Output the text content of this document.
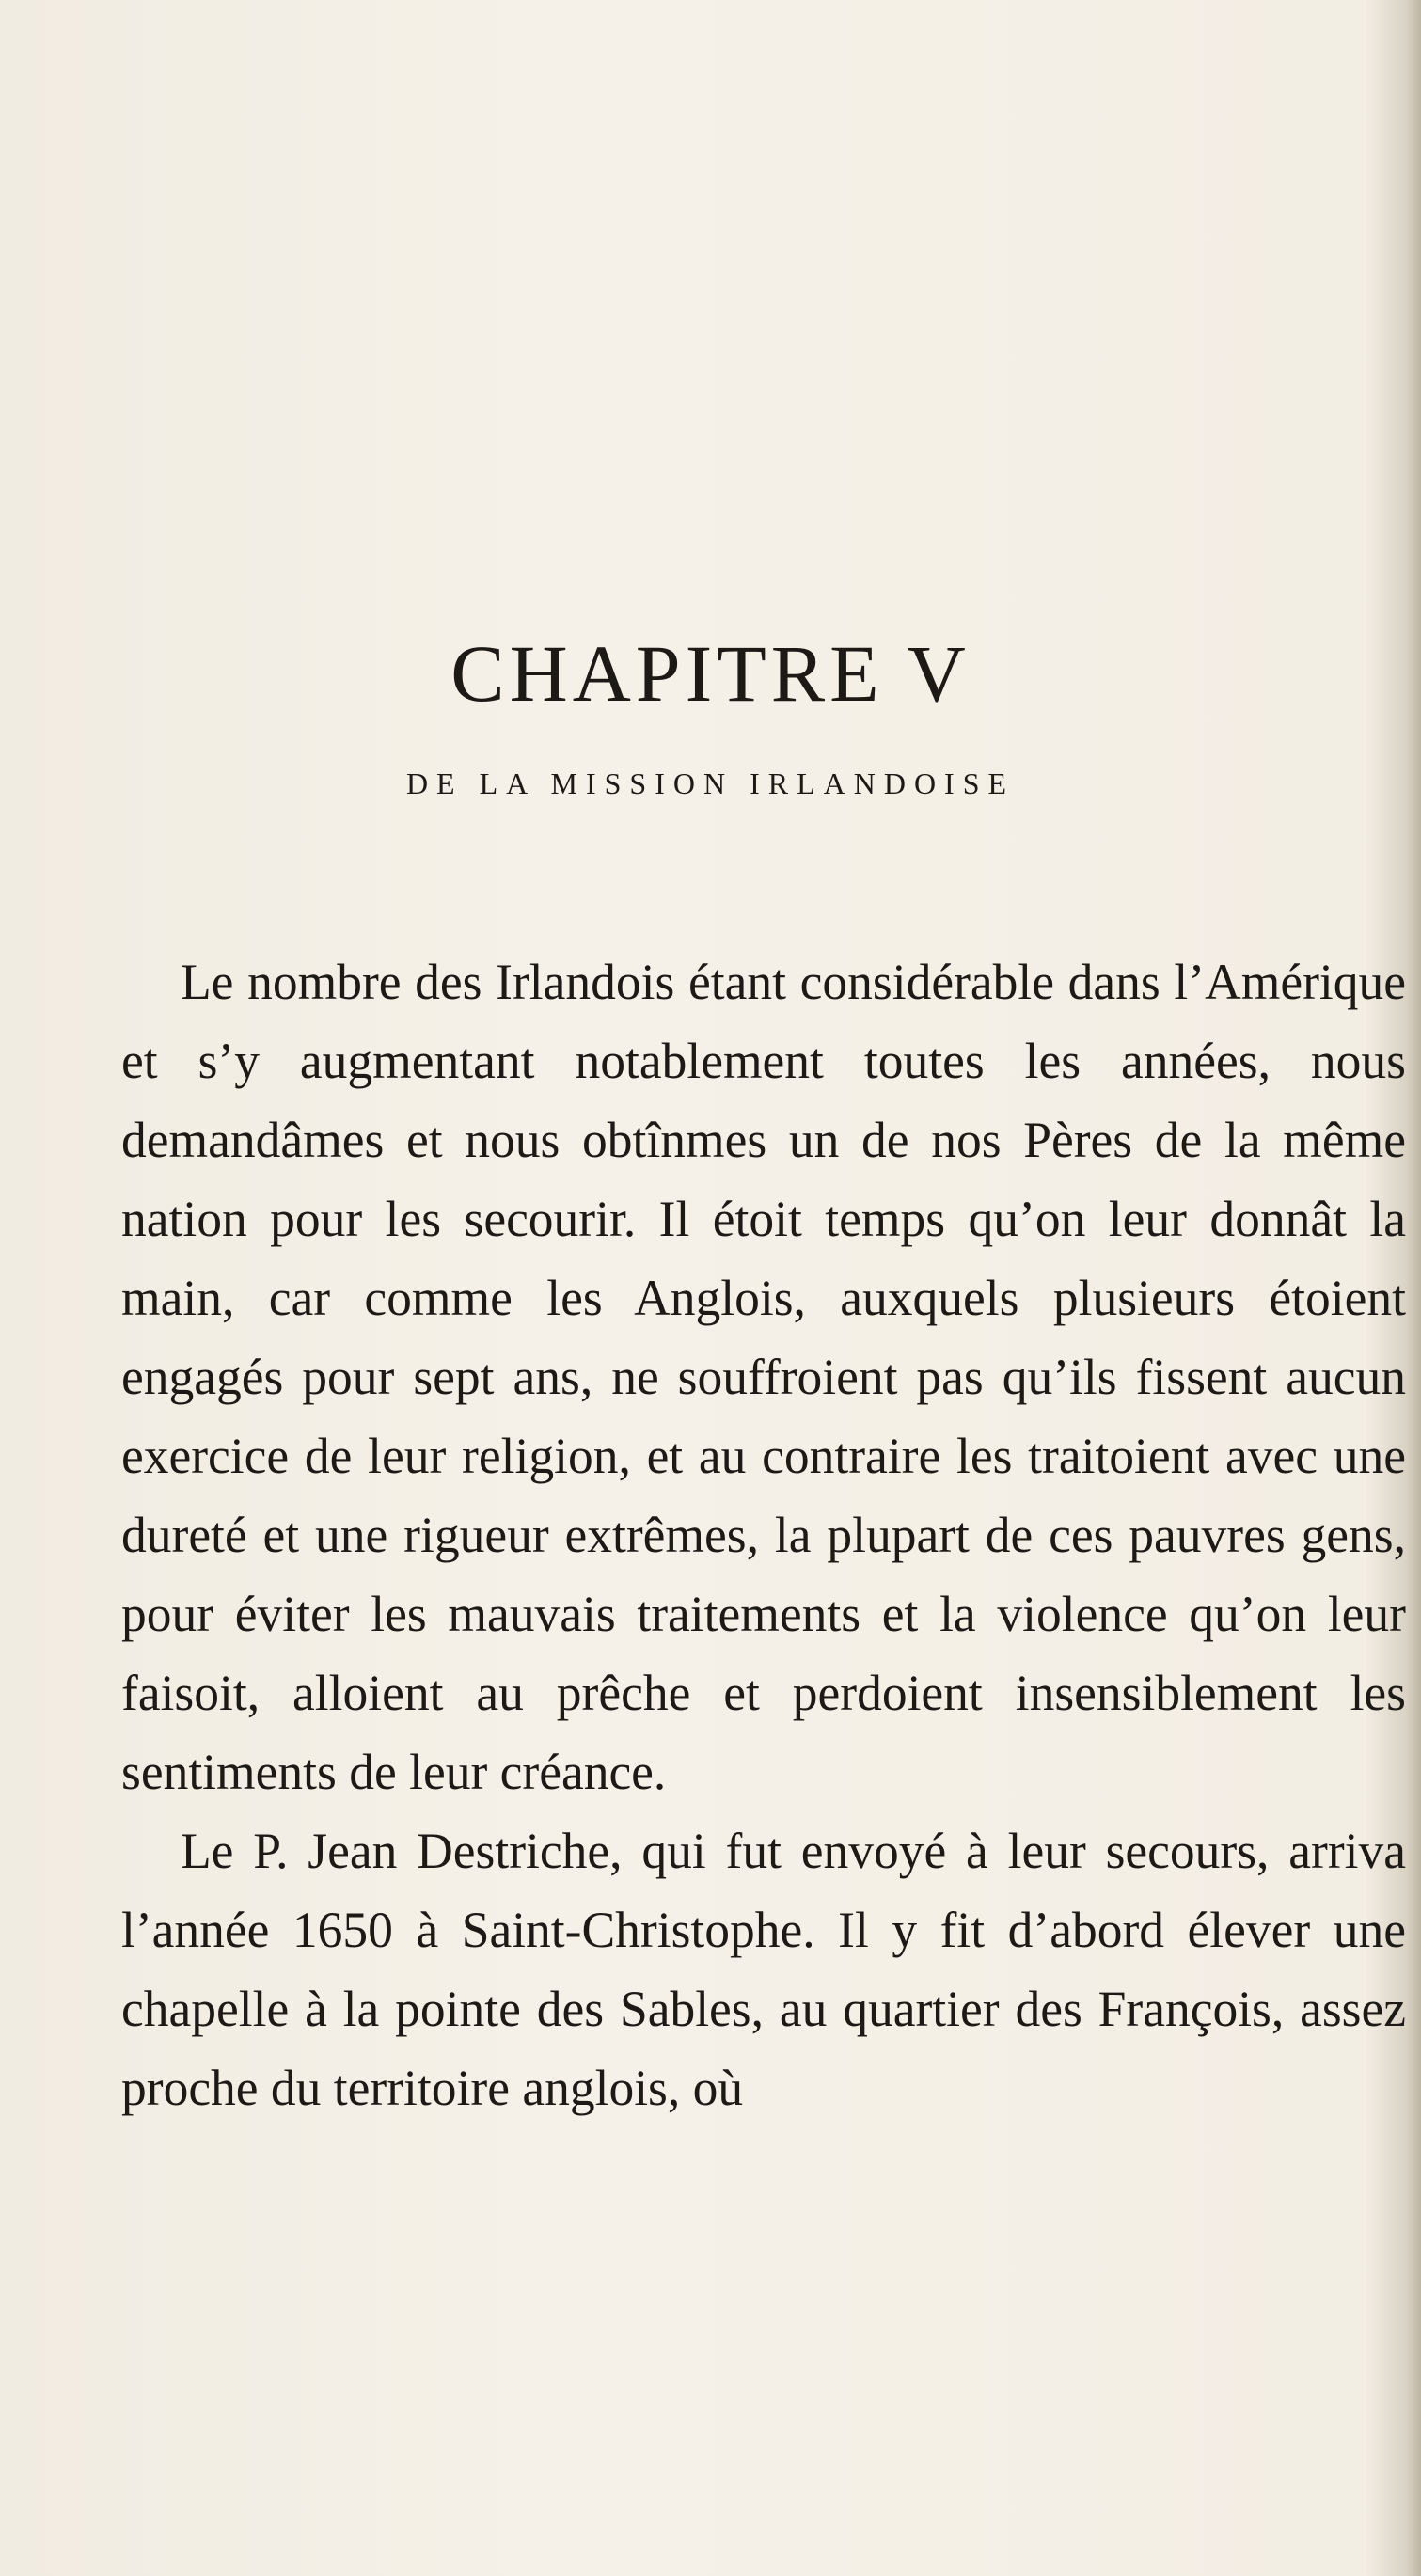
CHAPITRE V
DE LA MISSION IRLANDOISE

Le nombre des Irlandois étant considérable dans l’Amérique et s’y augmentant notablement toutes les années, nous demandâmes et nous obtînmes un de nos Pères de la même nation pour les secourir. Il étoit temps qu’on leur donnât la main, car comme les Anglois, auxquels plusieurs étoient engagés pour sept ans, ne souffroient pas qu’ils fissent aucun exercice de leur religion, et au contraire les traitoient avec une dureté et une rigueur extrêmes, la plupart de ces pauvres gens, pour éviter les mauvais traitements et la violence qu’on leur faisoit, alloient au prêche et perdoient insensiblement les sentiments de leur créance.

Le P. Jean Destriche, qui fut envoyé à leur secours, arriva l’année 1650 à Saint-Christophe. Il y fit d’abord élever une chapelle à la pointe des Sables, au quartier des François, assez proche du territoire anglois, où
